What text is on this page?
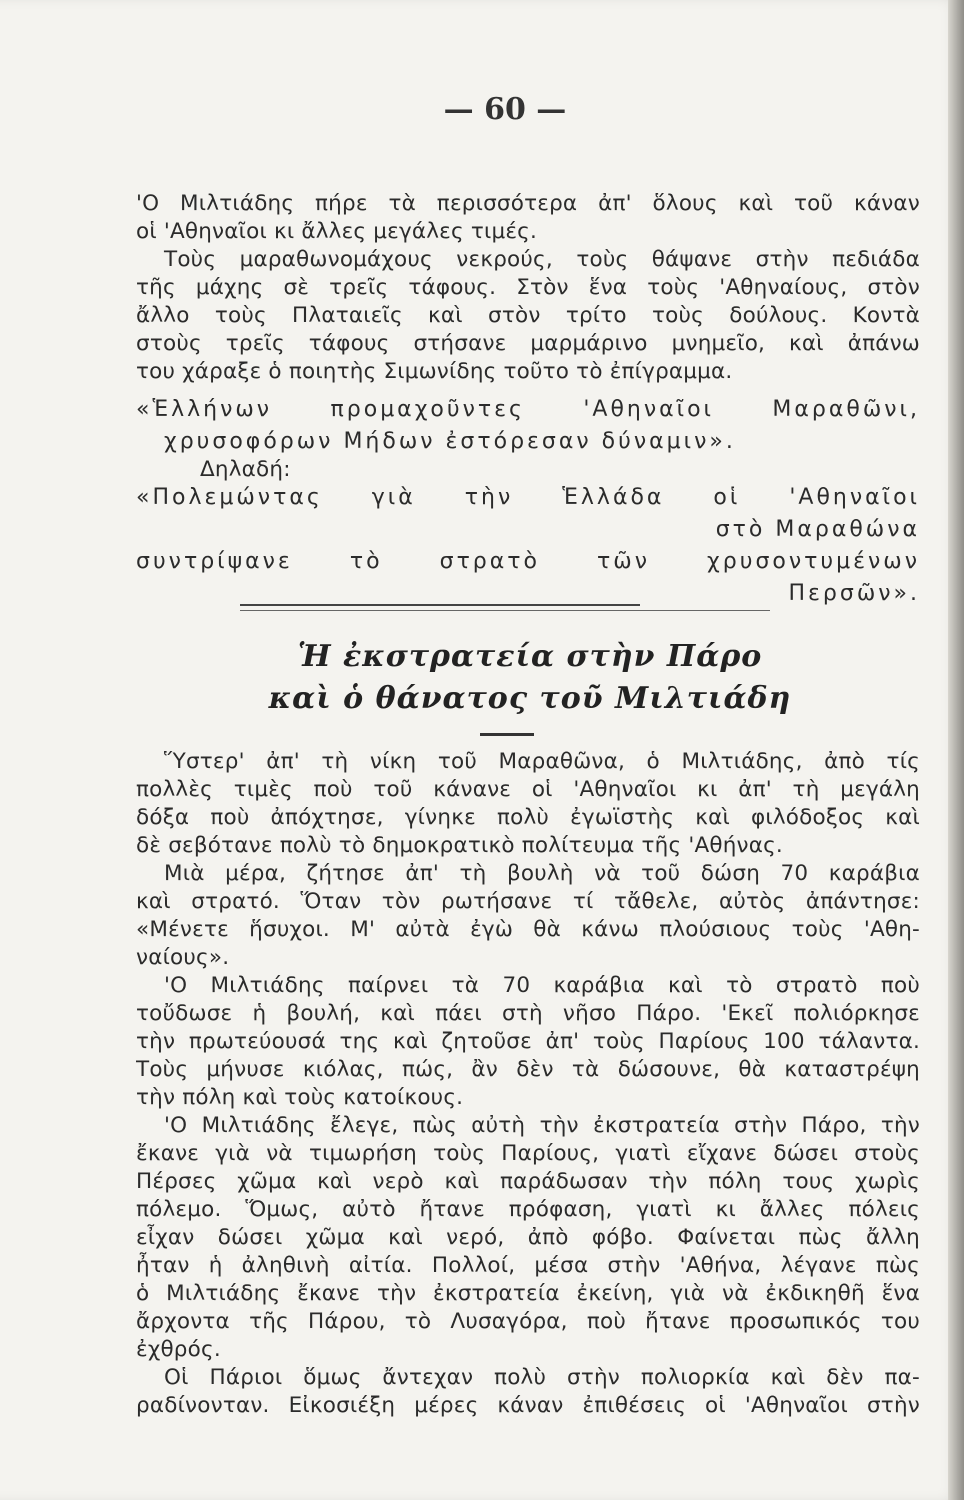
— 60 —
'Ο Μιλτιάδης πήρε τὰ περισσότερα ἀπ' ὅλους καὶ τοῦ κάναν
οἱ 'Αθηναῖοι κι ἄλλες μεγάλες τιμές.
Τοὺς μαραθωνομάχους νεκρούς, τοὺς θάψανε στὴν πεδιάδα
τῆς μάχης σὲ τρεῖς τάφους. Στὸν ἕνα τοὺς 'Αθηναίους, στὸν
ἄλλο τοὺς Πλαταιεῖς καὶ στὸν τρίτο τοὺς δούλους. Κοντὰ
στοὺς τρεῖς τάφους στήσανε μαρμάρινο μνημεῖο, καὶ ἀπάνω
του χάραξε ὁ ποιητὴς Σιμωνίδης τοῦτο τὸ ἐπίγραμμα.
«Ἑλλήνων προμαχοῦντες 'Αθηναῖοι Μαραθῶνι,
χρυσοφόρων Μήδων ἐστόρεσαν δύναμιν».
Δηλαδή:
«Πολεμώντας γιὰ τὴν Ἑλλάδα οἱ 'Αθηναῖοι
στὸ Μαραθώνα
συντρίψανε τὸ στρατὸ τῶν χρυσοντυμένων
Περσῶν».
Ἡ ἐκστρατεία στὴν Πάρο
καὶ ὁ θάνατος τοῦ Μιλτιάδη
Ὕστερ' ἀπ' τὴ νίκη τοῦ Μαραθῶνα, ὁ Μιλτιάδης, ἀπὸ τίς
πολλὲς τιμὲς ποὺ τοῦ κάνανε οἱ 'Αθηναῖοι κι ἀπ' τὴ μεγάλη
δόξα ποὺ ἀπόχτησε, γίνηκε πολὺ ἐγωϊστὴς καὶ φιλόδοξος καὶ
δὲ σεβότανε πολὺ τὸ δημοκρατικὸ πολίτευμα τῆς 'Αθήνας.
Μιὰ μέρα, ζήτησε ἀπ' τὴ βουλὴ νὰ τοῦ δώση 70 καράβια
καὶ στρατό. Ὅταν τὸν ρωτήσανε τί τἄθελε, αὐτὸς ἀπάντησε:
«Μένετε ἥσυχοι. Μ' αὐτὰ ἐγὼ θὰ κάνω πλούσιους τοὺς 'Αθη-
ναίους».
'Ο Μιλτιάδης παίρνει τὰ 70 καράβια καὶ τὸ στρατὸ ποὺ
τοὔδωσε ἡ βουλή, καὶ πάει στὴ νῆσο Πάρο. 'Εκεῖ πολιόρκησε
τὴν πρωτεύουσά της καὶ ζητοῦσε ἀπ' τοὺς Παρίους 100 τάλαντα.
Τοὺς μήνυσε κιόλας, πώς, ἂν δὲν τὰ δώσουνε, θὰ καταστρέψη
τὴν πόλη καὶ τοὺς κατοίκους.
'Ο Μιλτιάδης ἔλεγε, πὼς αὐτὴ τὴν ἐκστρατεία στὴν Πάρο, τὴν
ἔκανε γιὰ νὰ τιμωρήση τοὺς Παρίους, γιατὶ εἴχανε δώσει στοὺς
Πέρσες χῶμα καὶ νερὸ καὶ παράδωσαν τὴν πόλη τους χωρὶς
πόλεμο. Ὅμως, αὐτὸ ἤτανε πρόφαση, γιατὶ κι ἄλλες πόλεις
εἶχαν δώσει χῶμα καὶ νερό, ἀπὸ φόβο. Φαίνεται πὼς ἄλλη
ἦταν ἡ ἀληθινὴ αἰτία. Πολλοί, μέσα στὴν 'Αθήνα, λέγανε πὼς
ὁ Μιλτιάδης ἔκανε τὴν ἐκστρατεία ἐκείνη, γιὰ νὰ ἐκδικηθῆ ἕνα
ἄρχοντα τῆς Πάρου, τὸ Λυσαγόρα, ποὺ ἤτανε προσωπικός του
ἐχθρός.
Οἱ Πάριοι ὅμως ἄντεχαν πολὺ στὴν πολιορκία καὶ δὲν πα-
ραδίνονταν. Εἰκοσιέξη μέρες κάναν ἐπιθέσεις οἱ 'Αθηναῖοι στὴν
